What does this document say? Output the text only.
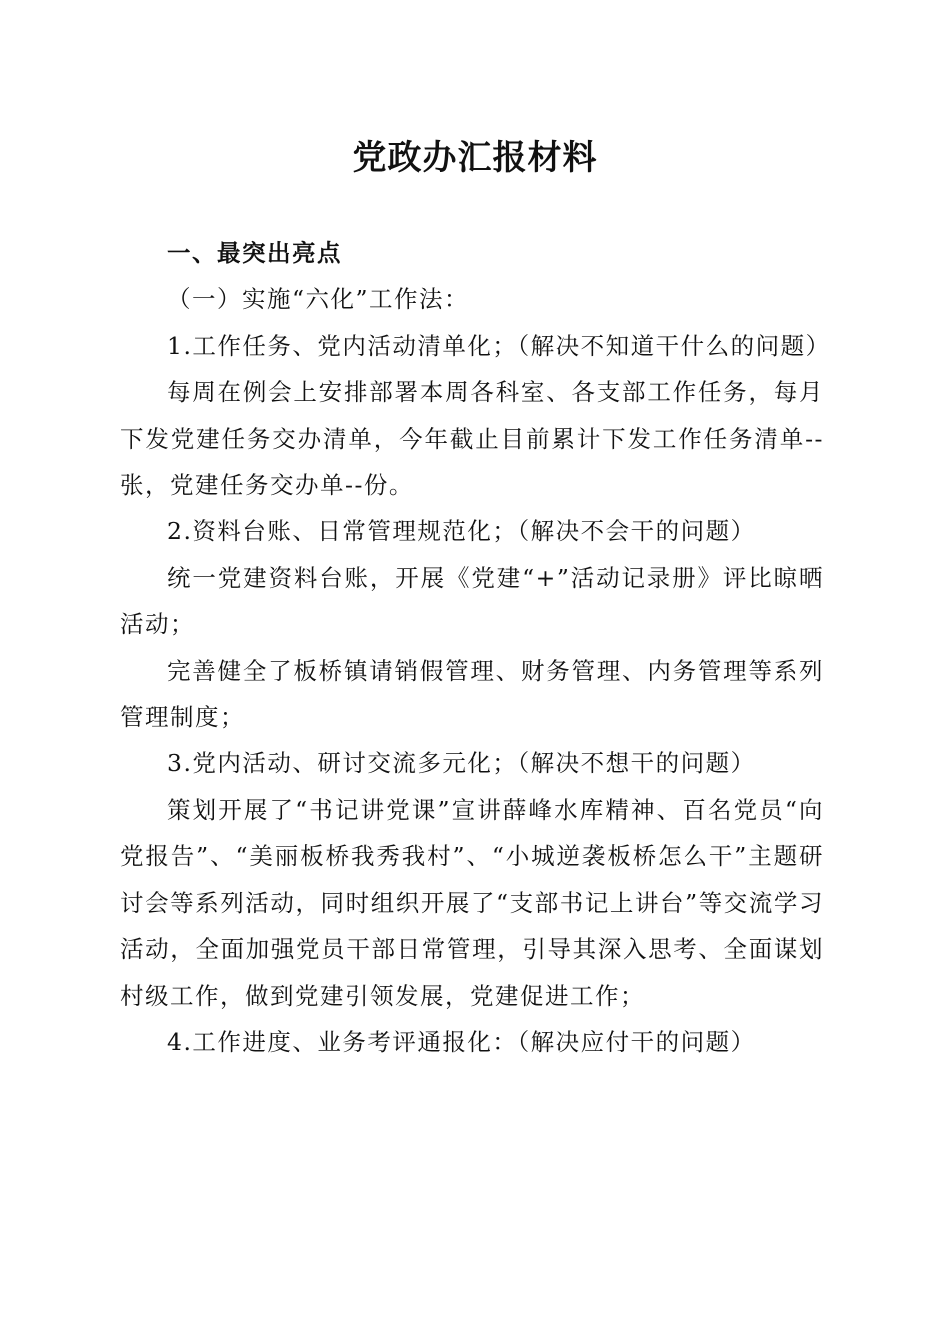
党政办汇报材料

一、最突出亮点

（一）实施“六化”工作法：

1.工作任务、党内活动清单化；（解决不知道干什么的问题）

每周在例会上安排部署本周各科室、各支部工作任务，每月下发党建任务交办清单，今年截止目前累计下发工作任务清单--张，党建任务交办单--份。

2.资料台账、日常管理规范化；（解决不会干的问题）

统一党建资料台账，开展《党建“+”活动记录册》评比晾晒活动；

完善健全了板桥镇请销假管理、财务管理、内务管理等系列管理制度；

3.党内活动、研讨交流多元化；（解决不想干的问题）

策划开展了“书记讲党课”宣讲薛峰水库精神、百名党员“向党报告”、“美丽板桥我秀我村”、“小城逆袭板桥怎么干”主题研讨会等系列活动，同时组织开展了“支部书记上讲台”等交流学习活动，全面加强党员干部日常管理，引导其深入思考、全面谋划村级工作，做到党建引领发展，党建促进工作；

4.工作进度、业务考评通报化：（解决应付干的问题）
